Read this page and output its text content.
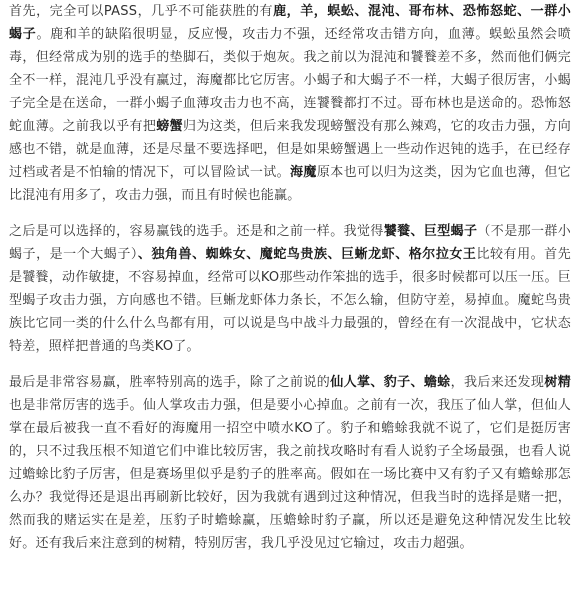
首先，完全可以PASS，几乎不可能获胜的有鹿，羊，蜈蚣、混沌、哥布林、恐怖怒蛇、一群小蝎子。鹿和羊的缺陷很明显，反应慢，攻击力不强，还经常攻击错方向，血薄。蜈蚣虽然会喷毒，但经常成为别的选手的垫脚石，类似于炮灰。我之前以为混沌和饕餮差不多，然而他们俩完全不一样，混沌几乎没有赢过，海魔都比它厉害。小蝎子和大蝎子不一样，大蝎子很厉害，小蝎子完全是在送命，一群小蝎子血薄攻击力也不高，连饕餮都打不过。哥布林也是送命的。恐怖怒蛇血薄。之前我以乎有把螃蟹归为这类，但后来我发现螃蟹没有那么辣鸡，它的攻击力强，方向感也不错，就是血薄，还是尽量不要选择吧，但是如果螃蟹遇上一些动作迟钝的选手，在已经存过档或者是不怕输的情况下，可以冒险试一试。海魔原本也可以归为这类，因为它血也薄，但它比混沌有用多了，攻击力强，而且有时候也能赢。

之后是可以选择的，容易赢钱的选手。还是和之前一样。我觉得饕餮、巨型蝎子（不是那一群小蝎子，是一个大蝎子）、独角兽、蜘蛛女、魔蛇鸟贵族、巨蜥龙虾、格尔拉女王比较有用。首先是饕餮，动作敏捷，不容易掉血，经常可以KO那些动作笨拙的选手，很多时候都可以压一压。巨型蝎子攻击力强，方向感也不错。巨蜥龙虾体力条长，不怎么输，但防守差，易掉血。魔蛇鸟贵族比它同一类的什么什么鸟都有用，可以说是鸟中战斗力最强的，曾经在有一次混战中，它状态特差，照样把普通的鸟类KO了。

最后是非常容易赢，胜率特别高的选手，除了之前说的仙人掌、豹子、蟾蜍，我后来还发现树精也是非常厉害的选手。仙人掌攻击力强，但是要小心掉血。之前有一次，我压了仙人掌，但仙人掌在最后被我一直不看好的海魔用一招空中喷水KO了。豹子和蟾蜍我就不说了，它们是挺厉害的，只不过我压根不知道它们中谁比较厉害，我之前找攻略时有看人说豹子全场最强，也看人说过蟾蜍比豹子厉害，但是赛场里似乎是豹子的胜率高。假如在一场比赛中又有豹子又有蟾蜍那怎么办？我觉得还是退出再刷新比较好，因为我就有遇到过这种情况，但我当时的选择是赌一把，然而我的赌运实在是差，压豹子时蟾蜍赢，压蟾蜍时豹子赢，所以还是避免这种情况发生比较好。还有我后来注意到的树精，特别厉害，我几乎没见过它输过，攻击力超强。
